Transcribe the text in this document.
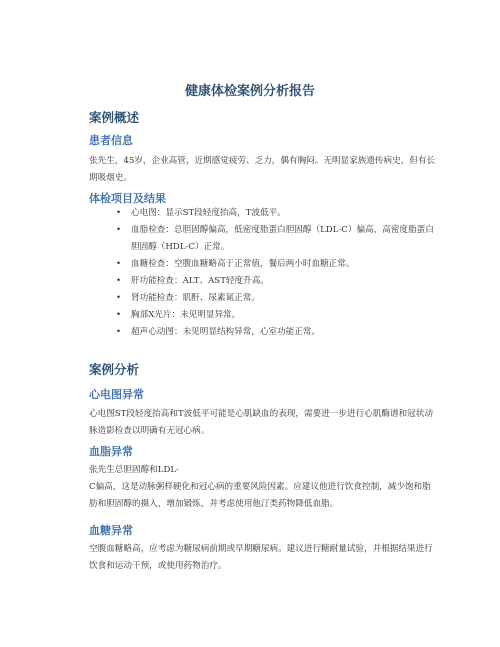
健康体检案例分析报告
案例概述
患者信息

张先生，45岁，企业高管，近期感觉疲劳、乏力，偶有胸闷。无明显家族遗传病史，但有长期吸烟史。

体检项目及结果
• 心电图：显示ST段轻度抬高，T波低平。
• 血脂检查：总胆固醇偏高，低密度脂蛋白胆固醇（LDL-C）偏高，高密度脂蛋白胆固醇（HDL-C）正常。
• 血糖检查：空腹血糖略高于正常值，餐后两小时血糖正常。
• 肝功能检查：ALT、AST轻度升高。
• 肾功能检查：肌酐、尿素氮正常。
• 胸部X光片：未见明显异常。
• 超声心动图：未见明显结构异常，心室功能正常。
案例分析
心电图异常

心电图ST段轻度抬高和T波低平可能是心肌缺血的表现，需要进一步进行心肌酶谱和冠状动脉造影检查以明确有无冠心病。

血脂异常
张先生总胆固醇和LDL-
C偏高，这是动脉粥样硬化和冠心病的重要风险因素。应建议他进行饮食控制，减少饱和脂肪和胆固醇的摄入，增加锻炼，并考虑使用他汀类药物降低血脂。
血糖异常

空腹血糖略高，应考虑为糖尿病前期或早期糖尿病。建议进行糖耐量试验，并根据结果进行饮食和运动干预，或使用药物治疗。
